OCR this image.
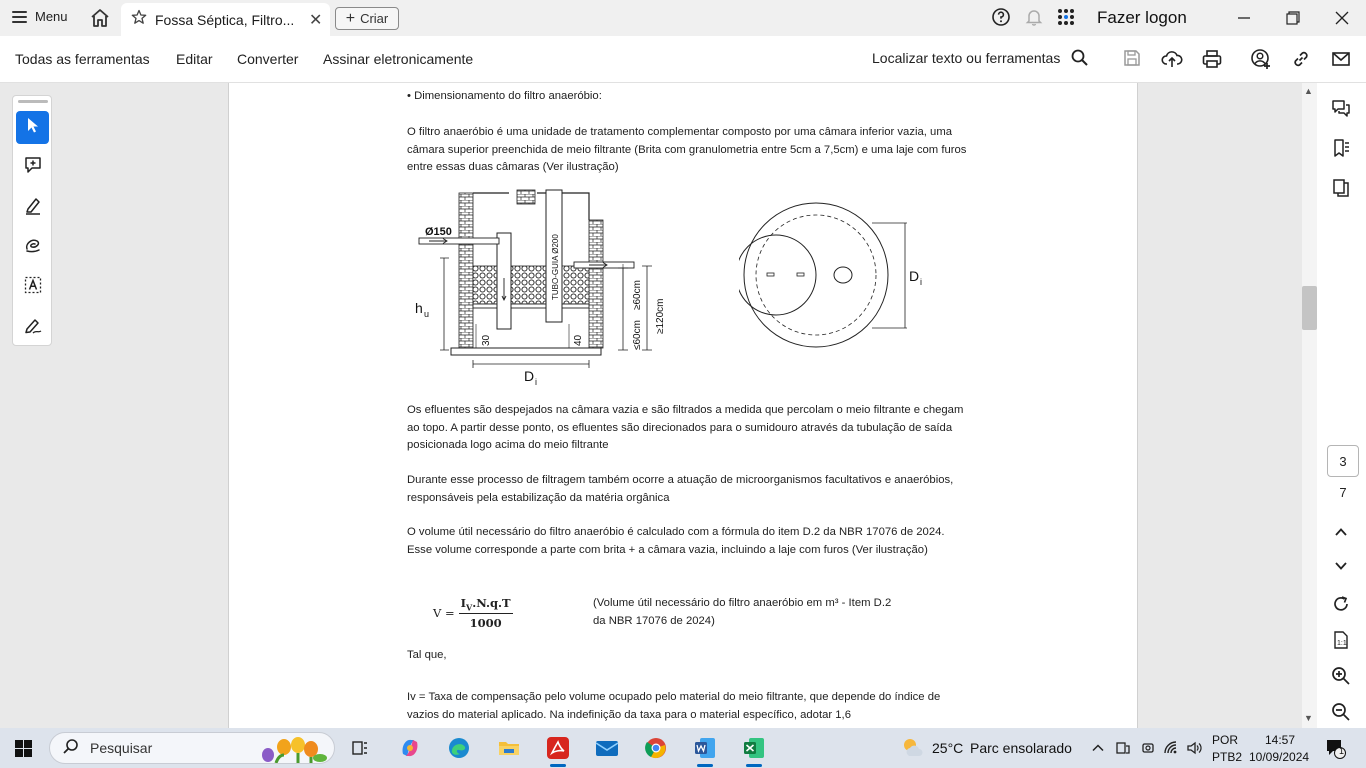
Menu	Fossa Séptica, Filtro... ✕ + Criar	Fazer logon
Todas as ferramentas Editar Converter Assinar eletronicamente	Localizar texto ou ferramentas
• Dimensionamento do filtro anaeróbio:
O filtro anaeróbio é uma unidade de tratamento complementar composto por uma câmara inferior vazia, uma câmara superior preenchida de meio filtrante (Brita com granulometria entre 5cm a 7,5cm) e uma laje com furos entre essas duas câmaras (Ver ilustração)
Ø150
h u
D i
30	40
TUBO-GUIA Ø200	≥60cm
≤60cm
≥120cm
D i
Os efluentes são despejados na câmara vazia e são filtrados a medida que percolam o meio filtrante e chegam ao topo. A partir desse ponto, os efluentes são direcionados para o sumidouro através da tubulação de saída posicionada logo acima do meio filtrante
Durante esse processo de filtragem também ocorre a atuação de microorganismos facultativos e anaeróbios, responsáveis pela estabilização da matéria orgânica
O volume útil necessário do filtro anaeróbio é calculado com a fórmula do item D.2 da NBR 17076 de 2024. Esse volume corresponde a parte com brita + a câmara vazia, incluindo a laje com furos (Ver ilustração)
$V = \frac{I_V.N.q.T}{1000}$	(Volume útil necessário do filtro anaeróbio em m³ - Item D.2 da NBR 17076 de 2024)
Tal que,
Iv = Taxa de compensação pelo volume ocupado pelo material do meio filtrante, que depende do índice de vazios do material aplicado. Na indefinição da taxa para o material específico, adotar 1,6
▲
▼
3
7
1:1
Pesquisar	25°C Parc ensolarado	POR
PTB2
14:57
10/09/2024	1
